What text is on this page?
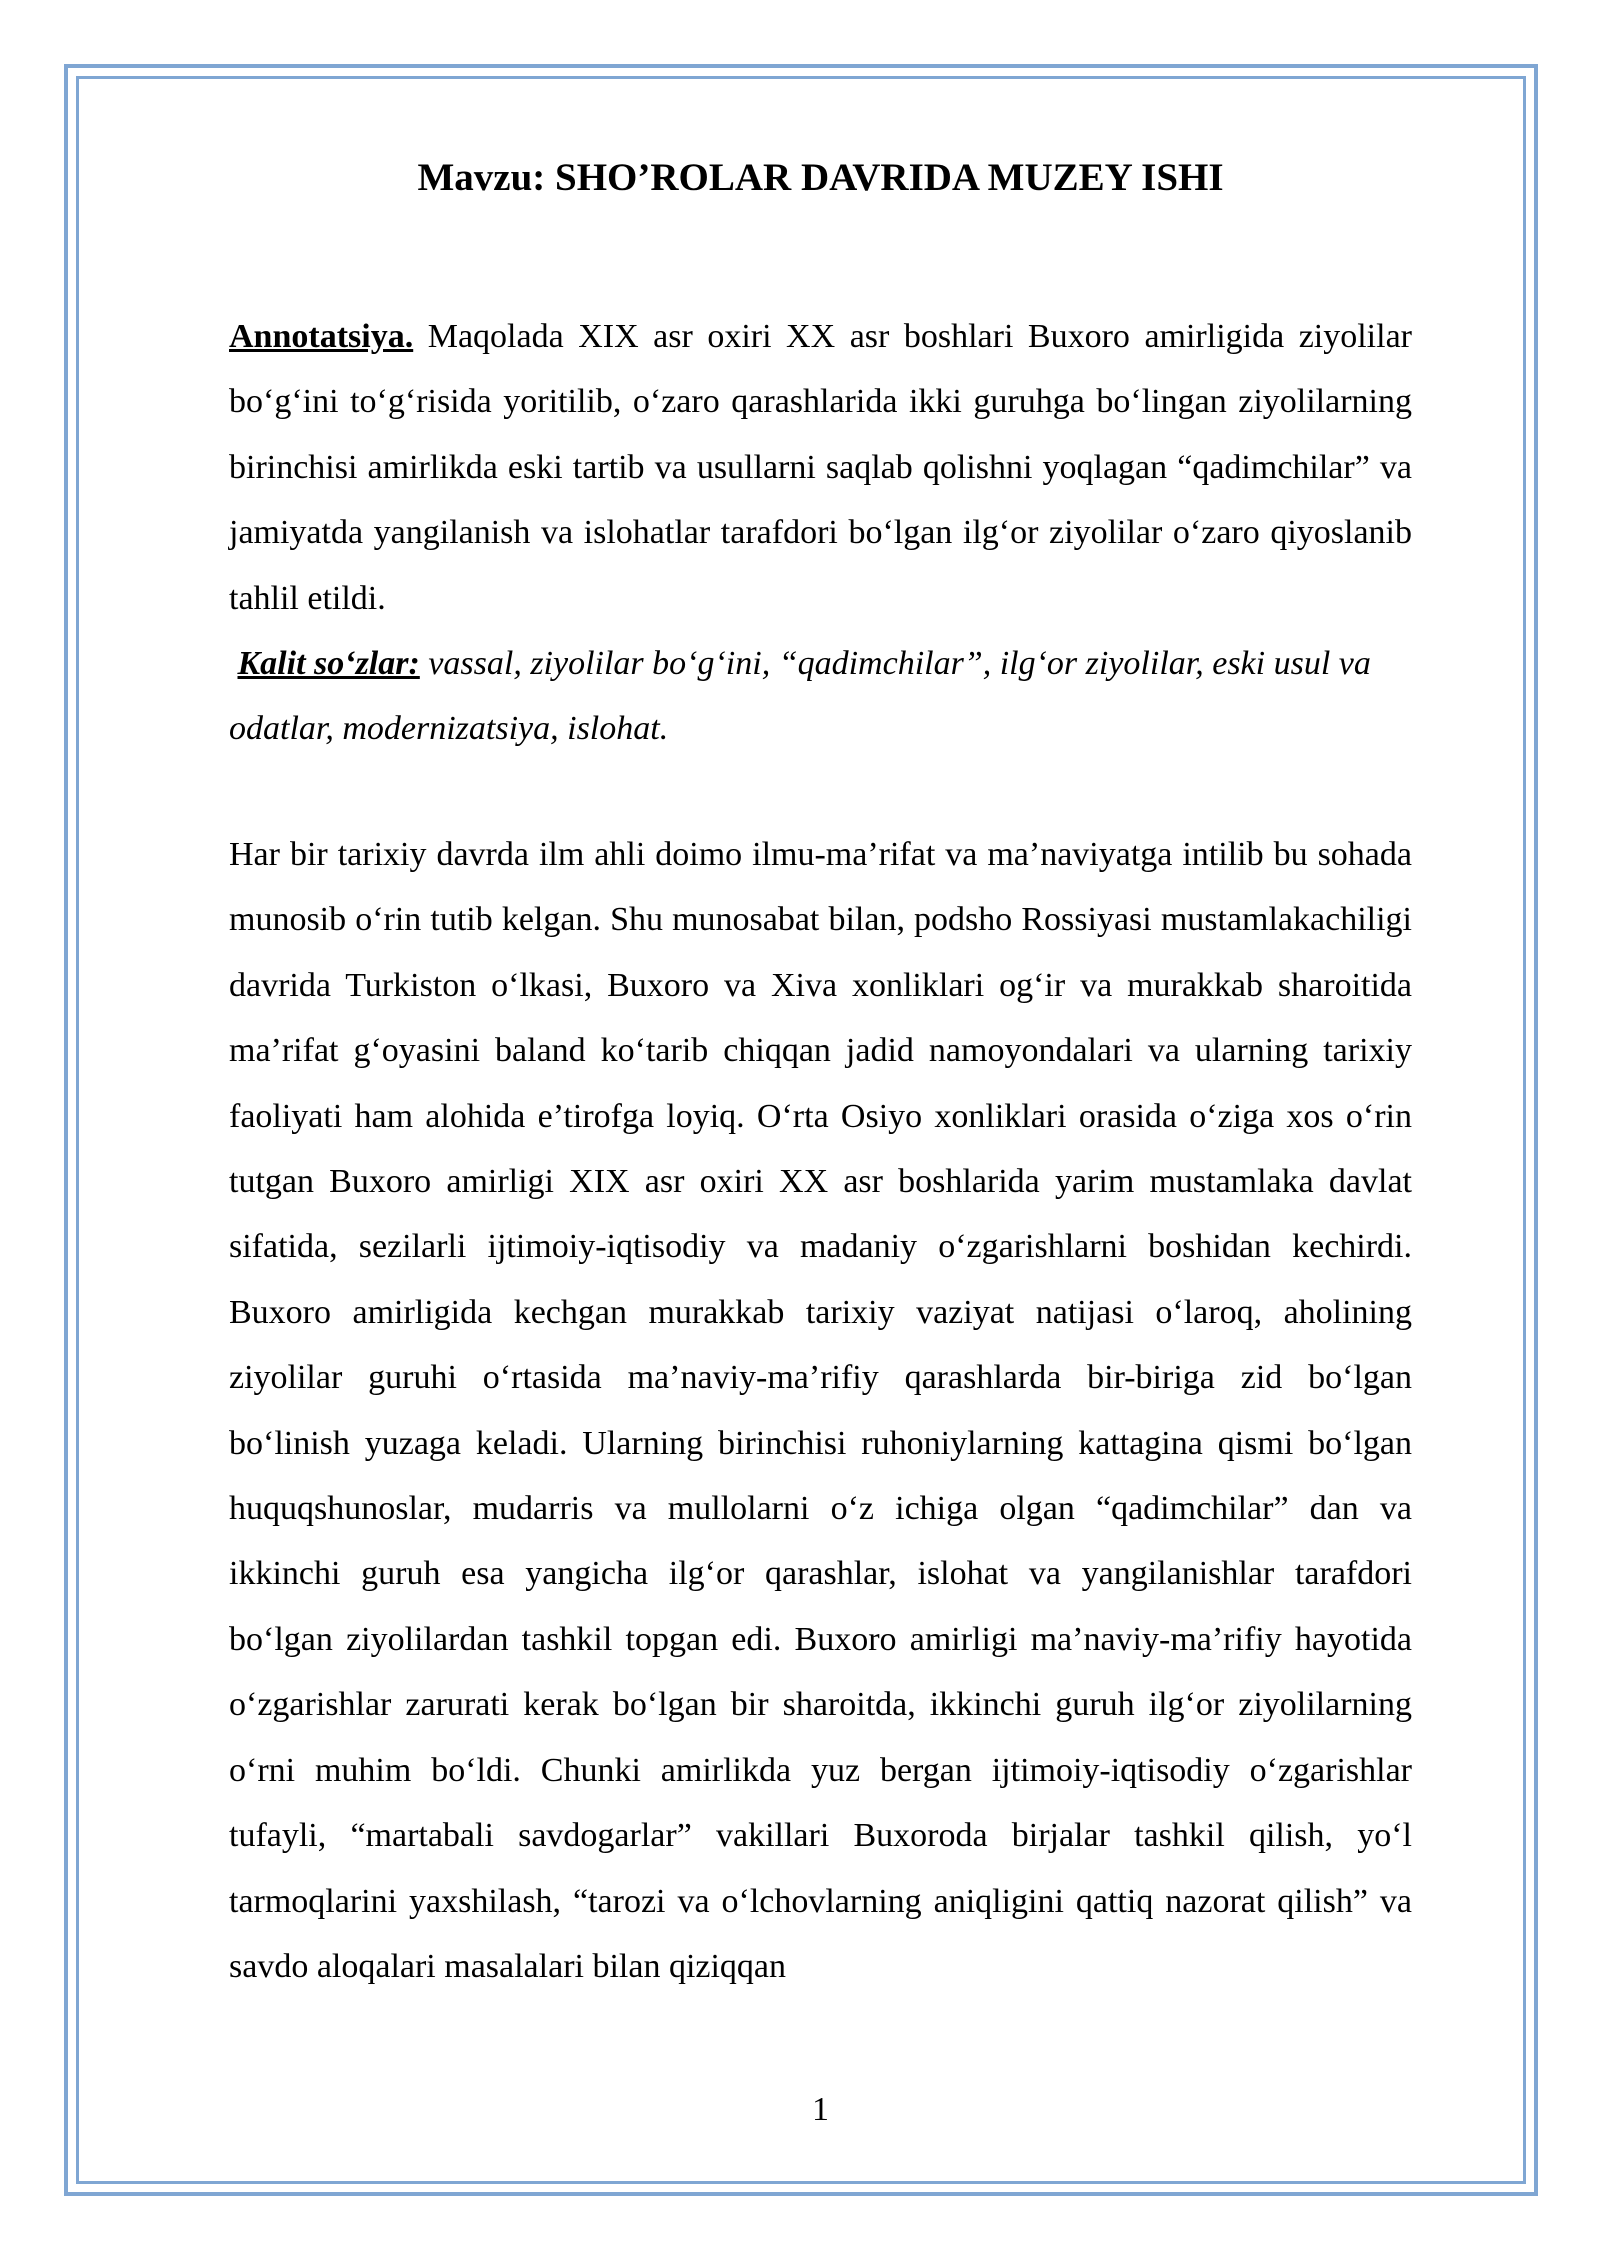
Mavzu: SHO’ROLAR DAVRIDA MUZEY ISHI
Annotatsiya. Maqolada XIX asr oxiri XX asr boshlari Buxoro amirligida ziyolilar bo‘g‘ini to‘g‘risida yoritilib, o‘zaro qarashlarida ikki guruhga bo‘lingan ziyolilarning birinchisi amirlikda eski tartib va usullarni saqlab qolishni yoqlagan “qadimchilar” va jamiyatda yangilanish va islohatlar tarafdori bo‘lgan ilg‘or ziyolilar o‘zaro qiyoslanib tahlil etildi.
Kalit so‘zlar: vassal, ziyolilar bo‘g‘ini, “qadimchilar”, ilg‘or ziyolilar, eski usul va odatlar, modernizatsiya, islohat.
Har bir tarixiy davrda ilm ahli doimo ilmu-ma’rifat va ma’naviyatga intilib bu sohada munosib o‘rin tutib kelgan. Shu munosabat bilan, podsho Rossiyasi mustamlakachiligi davrida Turkiston o‘lkasi, Buxoro va Xiva xonliklari og‘ir va murakkab sharoitida ma’rifat g‘oyasini baland ko‘tarib chiqqan jadid namoyondalari va ularning tarixiy faoliyati ham alohida e’tirofga loyiq. O‘rta Osiyo xonliklari orasida o‘ziga xos o‘rin tutgan Buxoro amirligi XIX asr oxiri XX asr boshlarida yarim mustamlaka davlat sifatida, sezilarli ijtimoiy-iqtisodiy va madaniy o‘zgarishlarni boshidan kechirdi. Buxoro amirligida kechgan murakkab tarixiy vaziyat natijasi o‘laroq, aholining ziyolilar guruhi o‘rtasida ma’naviy-ma’rifiy qarashlarda bir-biriga zid bo‘lgan bo‘linish yuzaga keladi. Ularning birinchisi ruhoniylarning kattagina qismi bo‘lgan huquqshunoslar, mudarris va mullolarni o‘z ichiga olgan “qadimchilar” dan va ikkinchi guruh esa yangicha ilg‘or qarashlar, islohat va yangilanishlar tarafdori bo‘lgan ziyolilardan tashkil topgan edi. Buxoro amirligi ma’naviy-ma’rifiy hayotida o‘zgarishlar zarurati kerak bo‘lgan bir sharoitda, ikkinchi guruh ilg‘or ziyolilarning o‘rni muhim bo‘ldi. Chunki amirlikda yuz bergan ijtimoiy-iqtisodiy o‘zgarishlar tufayli, “martabali savdogarlar” vakillari Buxoroda birjalar tashkil qilish, yo‘l tarmoqlarini yaxshilash, “tarozi va o‘lchovlarning aniqligini qattiq nazorat qilish” va savdo aloqalari masalalari bilan qiziqqan
1
